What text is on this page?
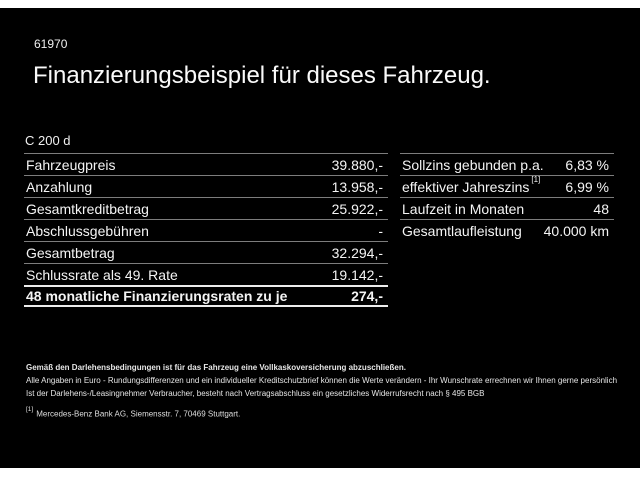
61970
Finanzierungsbeispiel für dieses Fahrzeug.
C 200 d
Fahrzeugpreis	39.880,-
Anzahlung	13.958,-
Gesamtkreditbetrag	25.922,-
Abschlussgebühren	-
Gesamtbetrag	32.294,-
Schlussrate als 49. Rate	19.142,-
48 monatliche Finanzierungsraten zu je	274,-
Sollzins gebunden p.a. 6,83 %
effektiver Jahreszins [1] 6,99 %
Laufzeit in Monaten	48
Gesamtlaufleistung 40.000 km
Gemäß den Darlehensbedingungen ist für das Fahrzeug eine Vollkaskoversicherung abzuschließen.
Alle Angaben in Euro - Rundungsdifferenzen und ein individueller Kreditschutzbrief können die Werte verändern - Ihr Wunschrate errechnen wir Ihnen gerne persönlich
Ist der Darlehens-/Leasingnehmer Verbraucher, besteht nach Vertragsabschluss ein gesetzliches Widerrufsrecht nach § 495 BGB
[1]Mercedes-Benz Bank AG, Siemensstr. 7, 70469 Stuttgart.
